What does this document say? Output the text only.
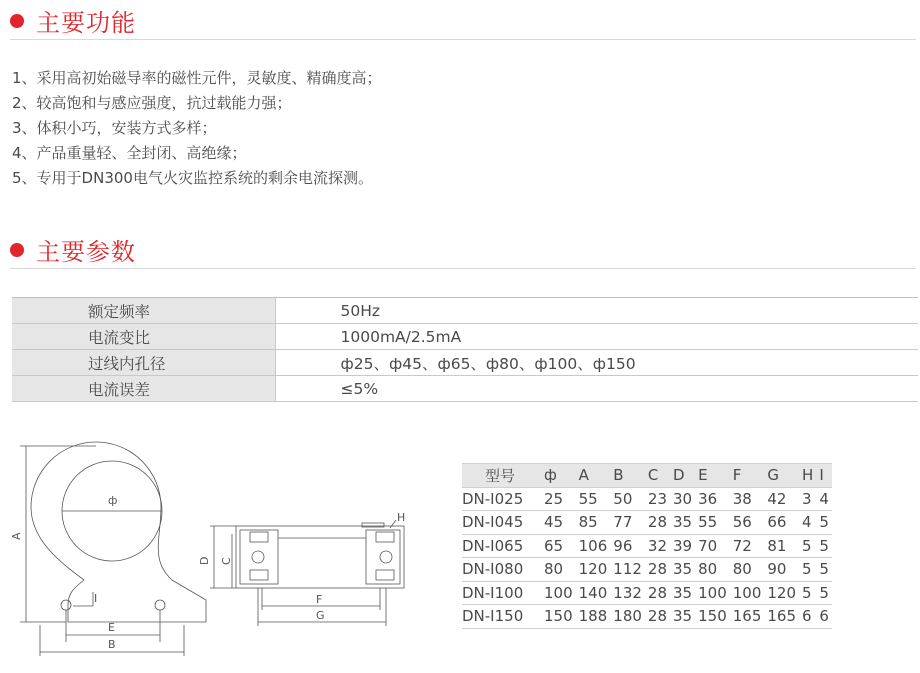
主要功能
1、采用高初始磁导率的磁性元件，灵敏度、精确度高；
2、较高饱和与感应强度，抗过载能力强；
3、体积小巧，安装方式多样；
4、产品重量轻、全封闭、高绝缘；
5、专用于DN300电气火灾监控系统的剩余电流探测。
主要参数
额定频率	50Hz
电流变比	1000mA/2.5mA
过线内孔径	ф25、ф45、ф65、ф80、ф100、ф150
电流误差	≤5%
ф
A
E
B
I
D C
F
G
H
型号	ф	A	B	C	D	E	F	G	H	I
DN-I025	25	55	50	23	30	36	38	42	3	4
DN-I045	45	85	77	28	35	55	56	66	4	5
DN-I065	65	106	96	32	39	70	72	81	5	5
DN-I080	80	120	112	28	35	80	80	90	5	5
DN-I100	100	140	132	28	35	100	100	120	5	5
DN-I150	150	188	180	28	35	150	165	165	6	6
